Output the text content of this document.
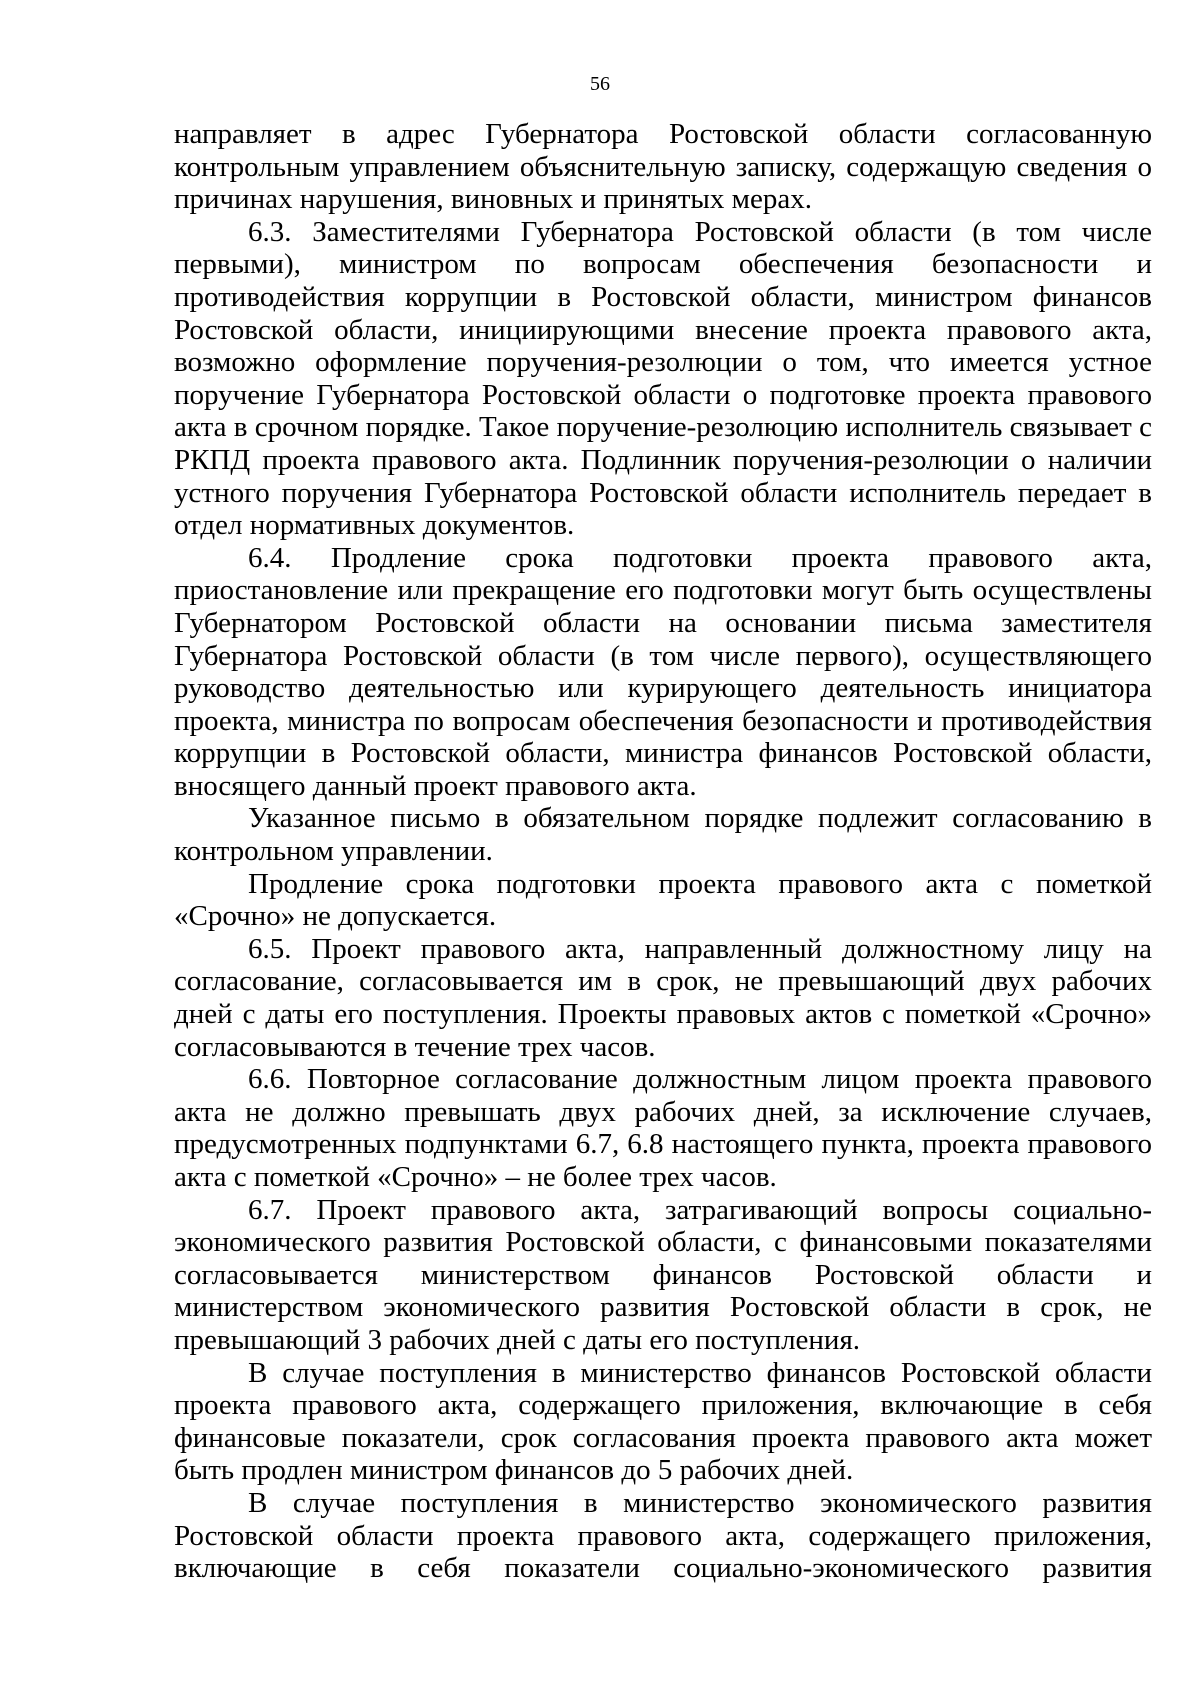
56

направляет в адрес Губернатора Ростовской области согласованную контрольным управлением объяснительную записку, содержащую сведения о причинах нарушения, виновных и принятых мерах.

6.3. Заместителями Губернатора Ростовской области (в том числе первыми), министром по вопросам обеспечения безопасности и противодействия коррупции в Ростовской области, министром финансов Ростовской области, инициирующими внесение проекта правового акта, возможно оформление поручения-резолюции о том, что имеется устное поручение Губернатора Ростовской области о подготовке проекта правового акта в срочном порядке. Такое поручение-резолюцию исполнитель связывает с РКПД проекта правового акта. Подлинник поручения-резолюции о наличии устного поручения Губернатора Ростовской области исполнитель передает в отдел нормативных документов.

6.4. Продление срока подготовки проекта правового акта, приостановление или прекращение его подготовки могут быть осуществлены Губернатором Ростовской области на основании письма заместителя Губернатора Ростовской области (в том числе первого), осуществляющего руководство деятельностью или курирующего деятельность инициатора проекта, министра по вопросам обеспечения безопасности и противодействия коррупции в Ростовской области, министра финансов Ростовской области, вносящего данный проект правового акта.

Указанное письмо в обязательном порядке подлежит согласованию в контрольном управлении.

Продление срока подготовки проекта правового акта с пометкой «Срочно» не допускается.

6.5. Проект правового акта, направленный должностному лицу на согласование, согласовывается им в срок, не превышающий двух рабочих дней с даты его поступления. Проекты правовых актов с пометкой «Срочно» согласовываются в течение трех часов.

6.6. Повторное согласование должностным лицом проекта правового акта не должно превышать двух рабочих дней, за исключение случаев, предусмотренных подпунктами 6.7, 6.8 настоящего пункта, проекта правового акта с пометкой «Срочно» – не более трех часов.

6.7. Проект правового акта, затрагивающий вопросы социально-экономического развития Ростовской области, с финансовыми показателями согласовывается министерством финансов Ростовской области и министерством экономического развития Ростовской области в срок, не превышающий 3 рабочих дней с даты его поступления.

В случае поступления в министерство финансов Ростовской области проекта правового акта, содержащего приложения, включающие в себя финансовые показатели, срок согласования проекта правового акта может быть продлен министром финансов до 5 рабочих дней.

В случае поступления в министерство экономического развития Ростовской области проекта правового акта, содержащего приложения, включающие в себя показатели социально-экономического развития
